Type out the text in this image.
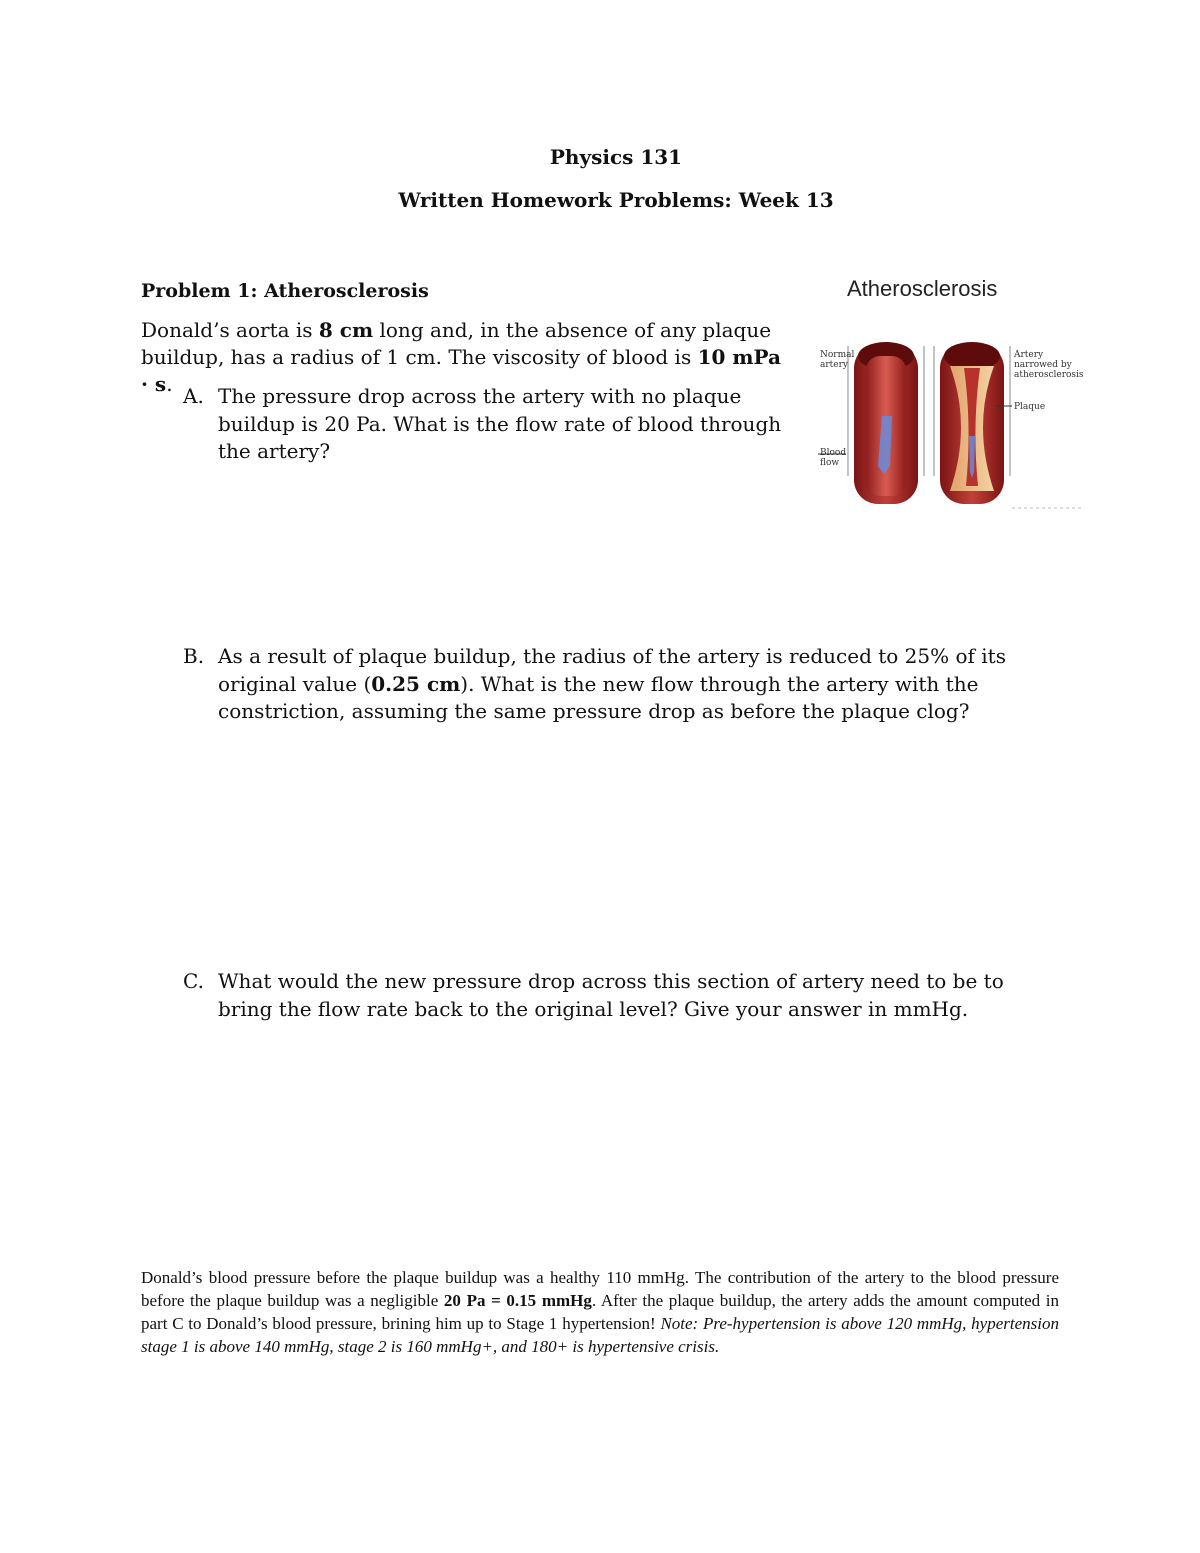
Physics 131
Written Homework Problems: Week 13
Problem 1: Atherosclerosis
Donald’s aorta is 8 cm long and, in the absence of any plaque buildup, has a radius of 1 cm. The viscosity of blood is 10 mPa · s. A. The pressure drop across the artery with no plaque buildup is 20 Pa. What is the flow rate of blood through the artery?
B. As a result of plaque buildup, the radius of the artery is reduced to 25% of its original value (0.25 cm). What is the new flow through the artery with the constriction, assuming the same pressure drop as before the plaque clog?
C. What would the new pressure drop across this section of artery need to be to bring the flow rate back to the original level? Give your answer in mmHg.
Atherosclerosis
Normal artery
Blood flow
Artery narrowed by atherosclerosis
Plaque
Donald’s blood pressure before the plaque buildup was a healthy 110 mmHg. The contribution of the artery to the blood pressure before the plaque buildup was a negligible 20 Pa = 0.15 mmHg. After the plaque buildup, the artery adds the amount computed in part C to Donald’s blood pressure, brining him up to Stage 1 hypertension! Note: Pre-hypertension is above 120 mmHg, hypertension stage 1 is above 140 mmHg, stage 2 is 160 mmHg+, and 180+ is hypertensive crisis.
